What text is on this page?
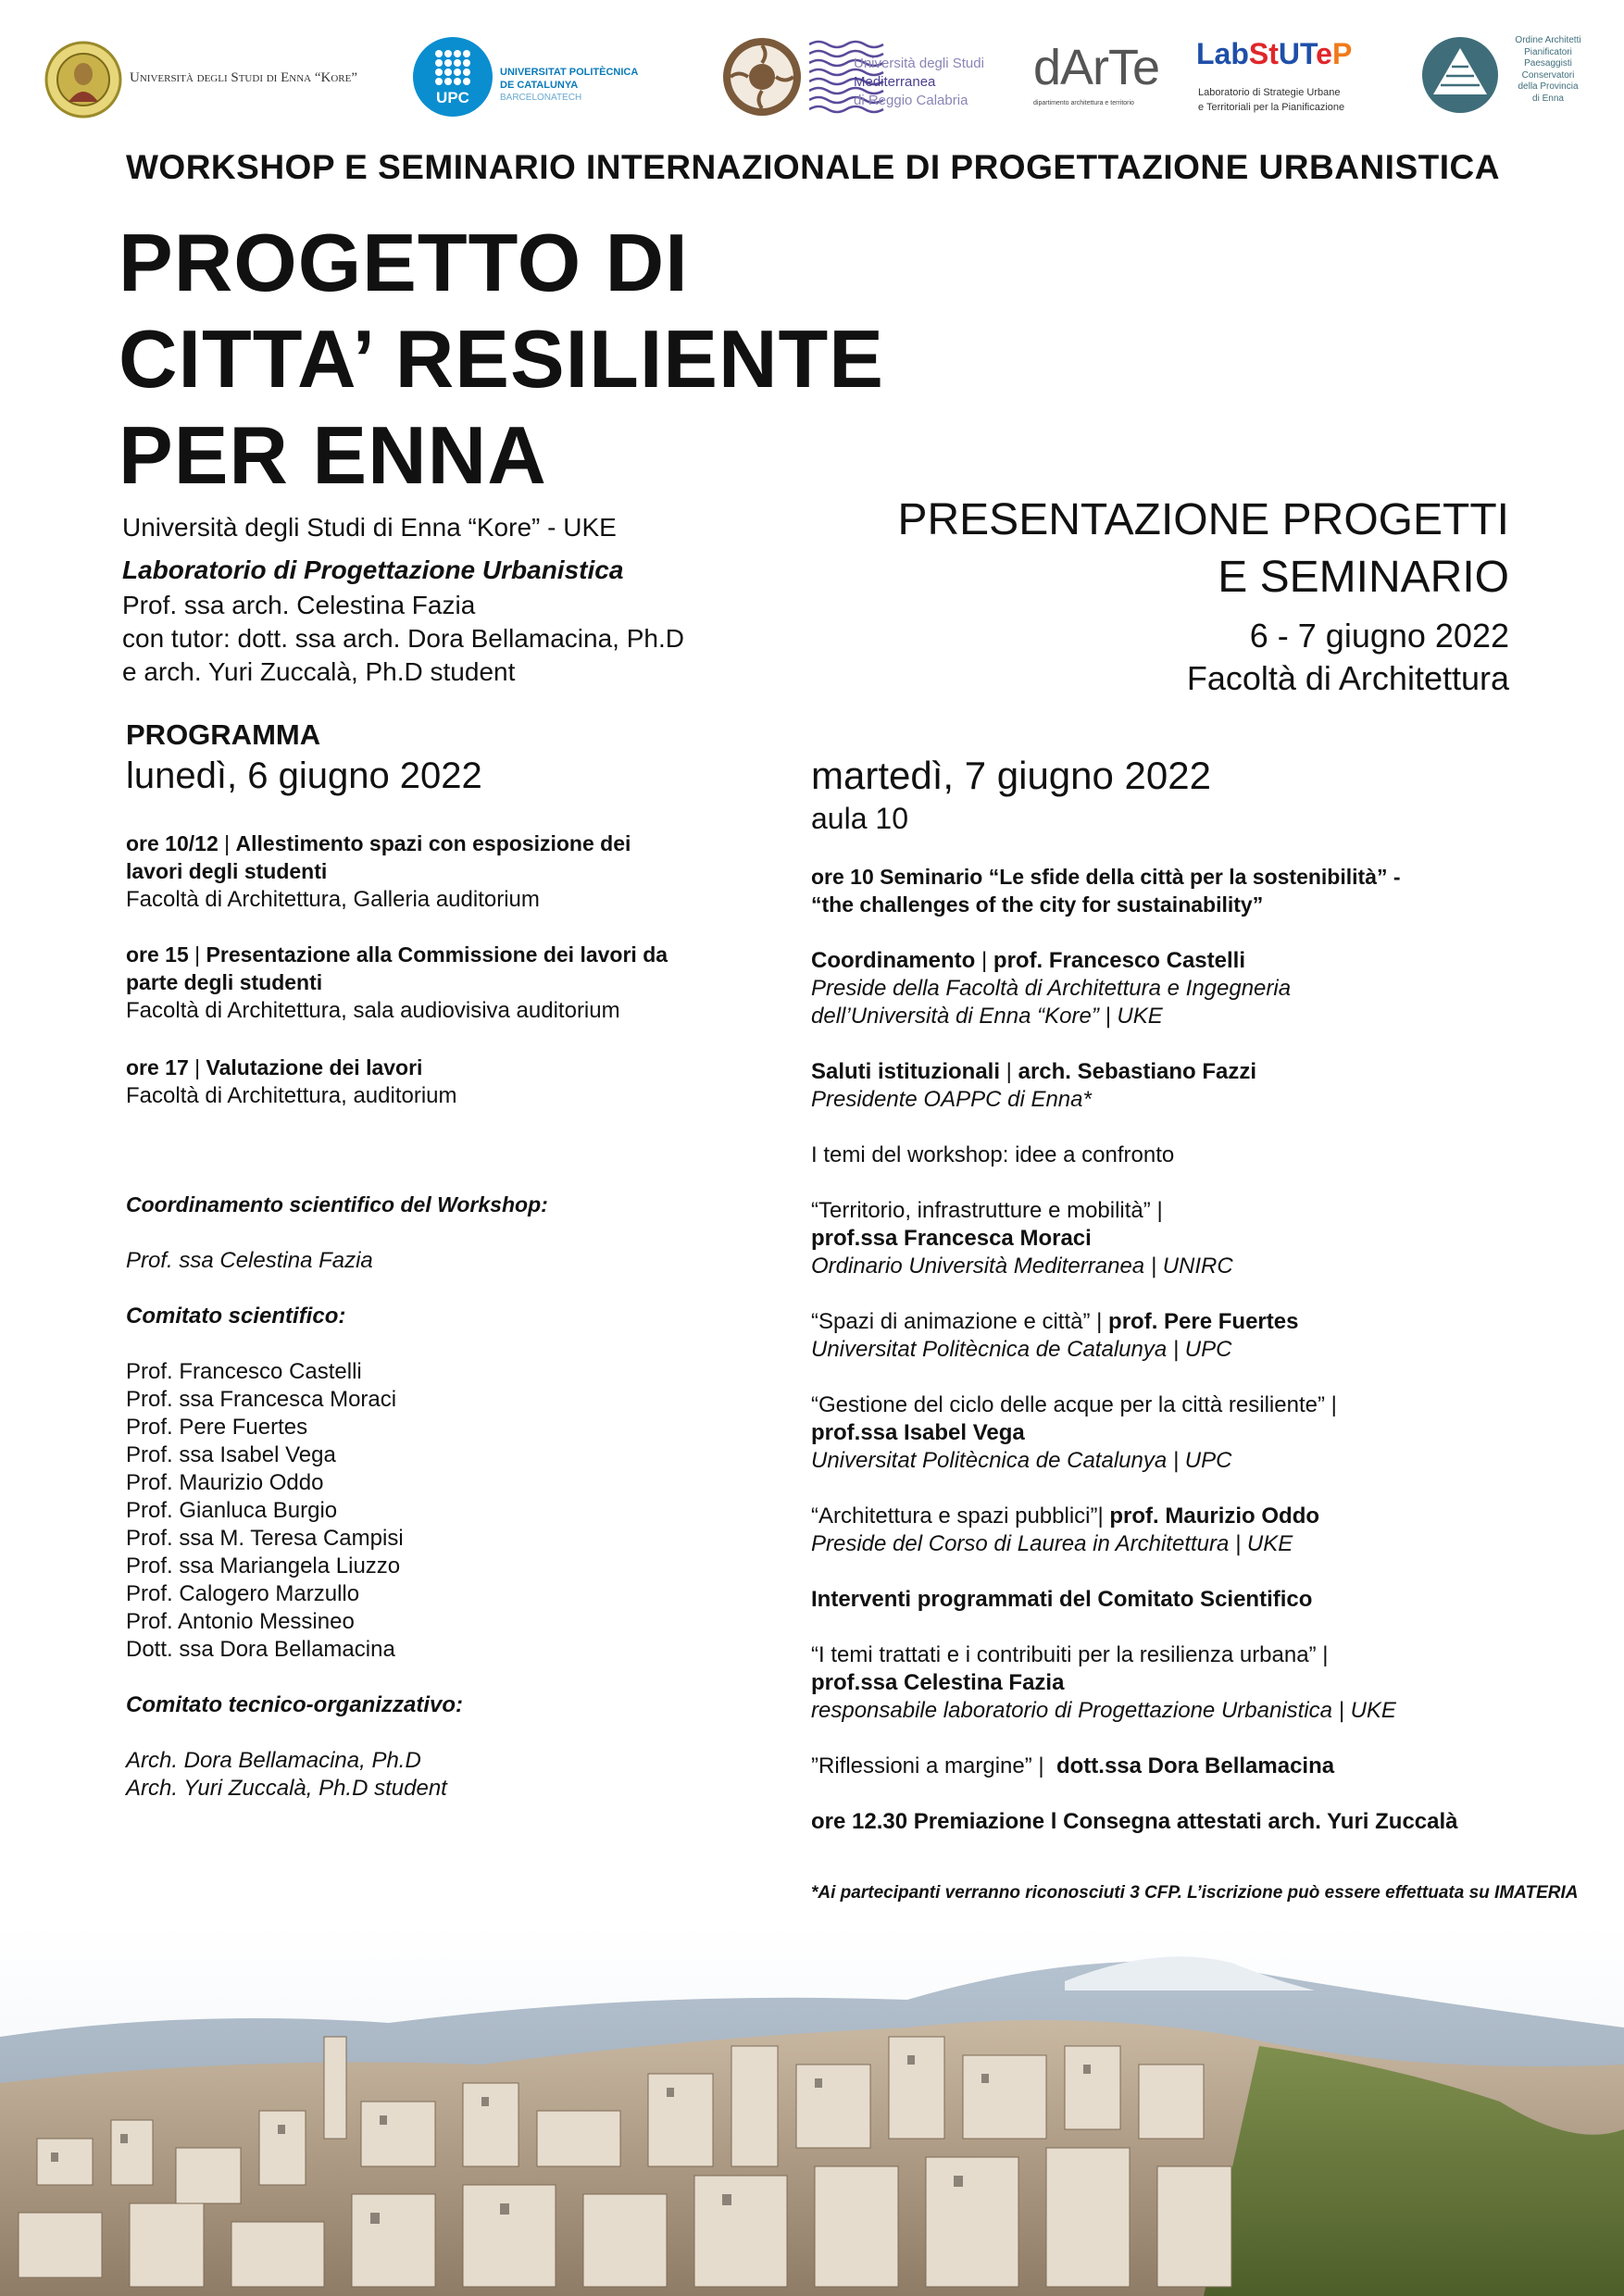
Università degli Studi di Enna “Kore”
UPC
UNIVERSITAT POLITÈCNICA
DE CATALUNYA
BARCELONATECH
Università degli Studi
Mediterranea
di Reggio Calabria
dArTe
dipartimento architettura e territorio
LabStUTeP
Laboratorio di Strategie Urbane
e Territoriali per la Pianificazione
Ordine Architetti
Pianificatori
Paesaggisti
Conservatori
della Provincia
di Enna
WORKSHOP E SEMINARIO INTERNAZIONALE DI PROGETTAZIONE URBANISTICA
PROGETTO DI
CITTA’ RESILIENTE
PER ENNA
Università degli Studi di Enna “Kore” - UKE
Laboratorio di Progettazione Urbanistica
Prof. ssa arch. Celestina Fazia
con tutor: dott. ssa arch. Dora Bellamacina, Ph.D
e arch. Yuri Zuccalà, Ph.D student
PRESENTAZIONE PROGETTI
E SEMINARIO
6 - 7 giugno 2022
Facoltà di Architettura
PROGRAMMA
lunedì, 6 giugno 2022
ore 10/12 | Allestimento spazi con esposizione dei
lavori degli studenti
Facoltà di Architettura, Galleria auditorium
ore 15 | Presentazione alla Commissione dei lavori da
parte degli studenti
Facoltà di Architettura, sala audiovisiva auditorium
ore 17 | Valutazione dei lavori
Facoltà di Architettura, auditorium
Coordinamento scientifico del Workshop:
Prof. ssa Celestina Fazia
Comitato scientifico:
Prof. Francesco Castelli
Prof. ssa Francesca Moraci
Prof. Pere Fuertes
Prof. ssa Isabel Vega
Prof. Maurizio Oddo
Prof. Gianluca Burgio
Prof. ssa M. Teresa Campisi
Prof. ssa Mariangela Liuzzo
Prof. Calogero Marzullo
Prof. Antonio Messineo
Dott. ssa Dora Bellamacina
Comitato tecnico-organizzativo:
Arch. Dora Bellamacina, Ph.D
Arch. Yuri Zuccalà, Ph.D student
martedì, 7 giugno 2022
aula 10
ore 10 Seminario “Le sfide della città per la sostenibilità” -
“the challenges of the city for sustainability”
Coordinamento | prof. Francesco Castelli
Preside della Facoltà di Architettura e Ingegneria
dell’Università di Enna “Kore” | UKE
Saluti istituzionali | arch. Sebastiano Fazzi
Presidente OAPPC di Enna*
I temi del workshop: idee a confronto
“Territorio, infrastrutture e mobilità” |
prof.ssa Francesca Moraci
Ordinario Università Mediterranea | UNIRC
“Spazi di animazione e città” | prof. Pere Fuertes
Universitat Politècnica de Catalunya | UPC
“Gestione del ciclo delle acque per la città resiliente” |
prof.ssa Isabel Vega
Universitat Politècnica de Catalunya | UPC
“Architettura e spazi pubblici”| prof. Maurizio Oddo
Preside del Corso di Laurea in Architettura | UKE
Interventi programmati del Comitato Scientifico
“I temi trattati e i contribuiti per la resilienza urbana” |
prof.ssa Celestina Fazia
responsabile laboratorio di Progettazione Urbanistica | UKE
”Riflessioni a margine” |  dott.ssa Dora Bellamacina
ore 12.30 Premiazione l Consegna attestati arch. Yuri Zuccalà
*Ai partecipanti verranno riconosciuti 3 CFP. L’iscrizione può essere effettuata su IMATERIA
